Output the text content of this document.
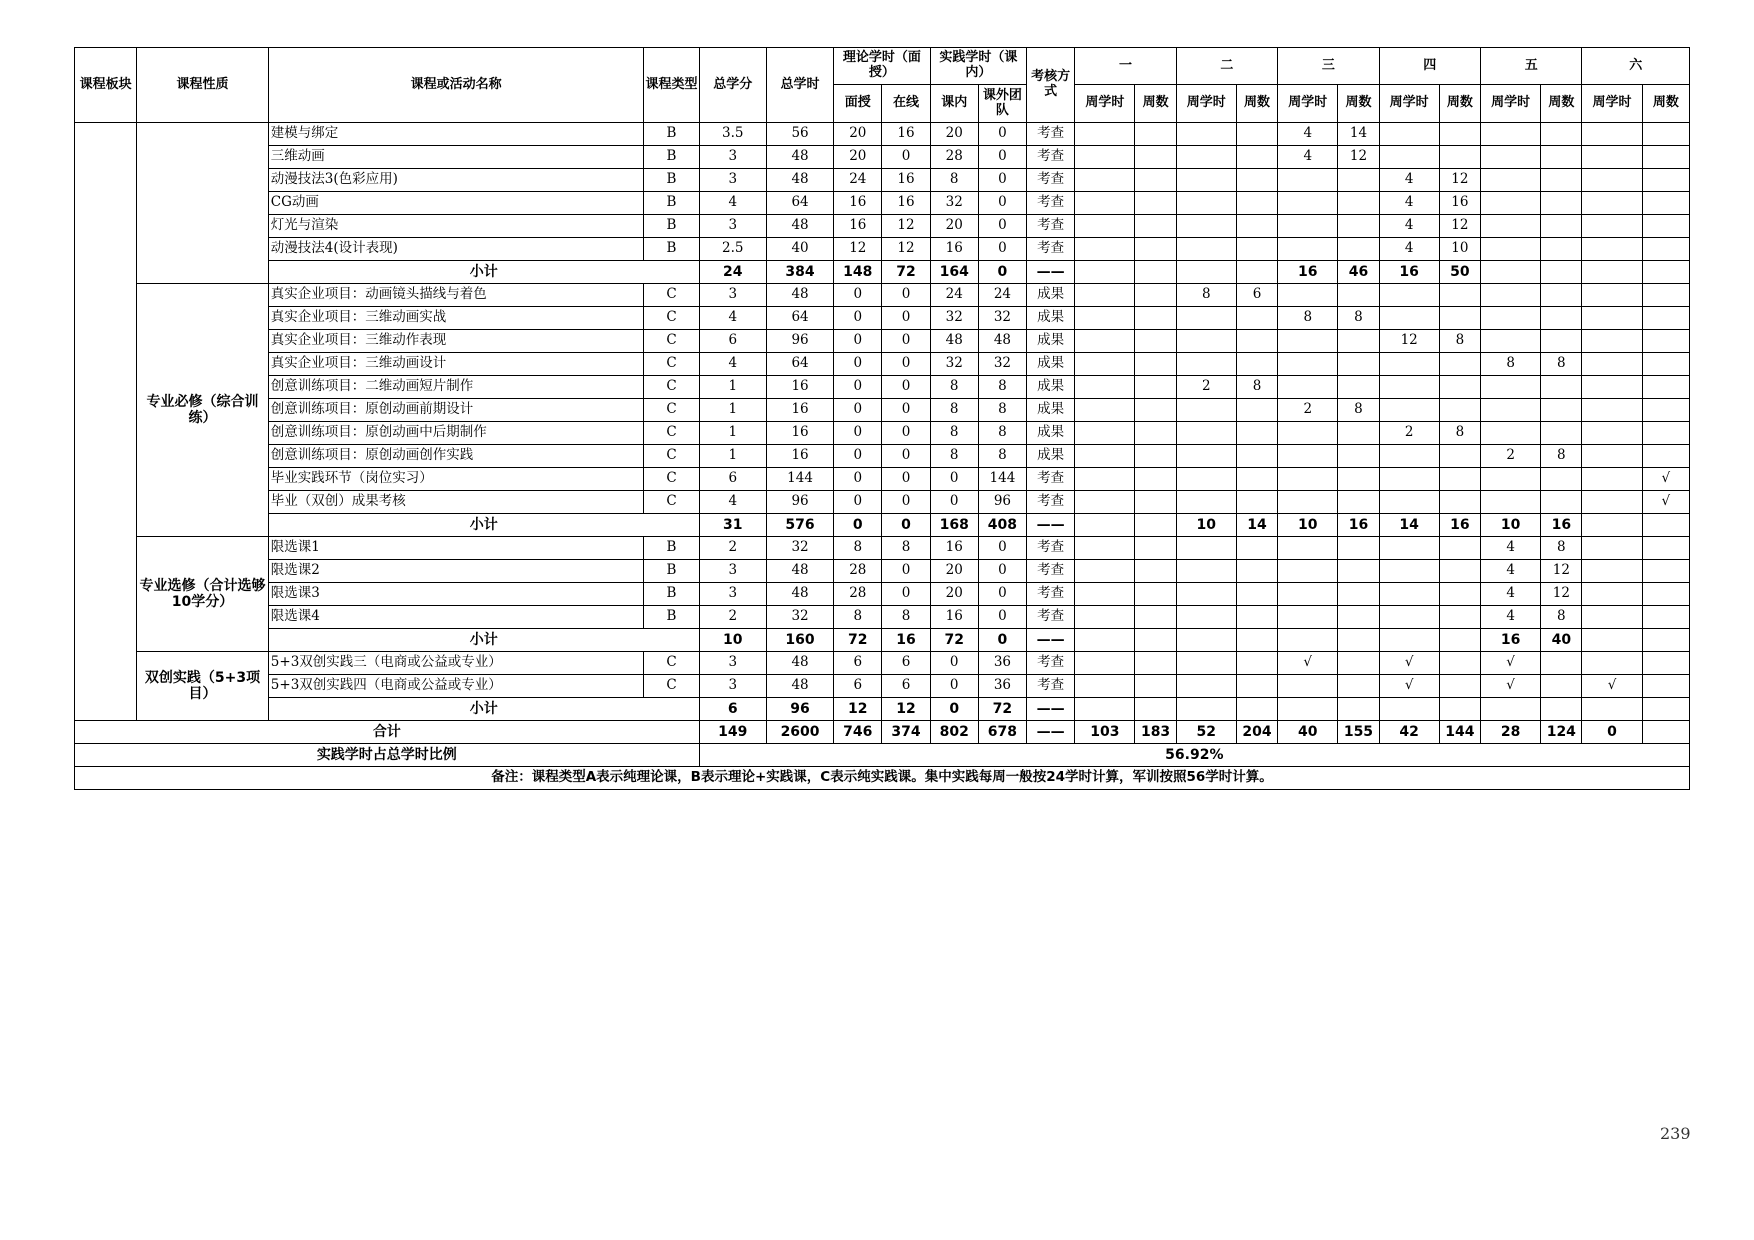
课程板块	课程性质	课程或活动名称	课程类型	总学分	总学时	理论学时（面授）		实践学时（课内）		考核方式	一		二		三		四		五		六	
						面授	在线	课内	课外团队		周学时	周数	周学时	周数	周学时	周数	周学时	周数	周学时	周数	周学时	周数
		建模与绑定	B	3.5	56	20	16	20	0	考查					4	14						
		三维动画	B	3	48	20	0	28	0	考查					4	12						
		动漫技法3(色彩应用)	B	3	48	24	16	8	0	考查							4	12				
		CG动画	B	4	64	16	16	32	0	考查							4	16				
		灯光与渲染	B	3	48	16	12	20	0	考查							4	12				
		动漫技法4(设计表现)	B	2.5	40	12	12	16	0	考查							4	10				
		小计		24	384	148	72	164	0	——					16	46	16	50				
	专业必修（综合训练）	真实企业项目：动画镜头描线与着色	C	3	48	0	0	24	24	成果			8	6								
		真实企业项目：三维动画实战	C	4	64	0	0	32	32	成果					8	8						
		真实企业项目：三维动作表现	C	6	96	0	0	48	48	成果							12	8				
		真实企业项目：三维动画设计	C	4	64	0	0	32	32	成果									8	8		
		创意训练项目：二维动画短片制作	C	1	16	0	0	8	8	成果			2	8								
		创意训练项目：原创动画前期设计	C	1	16	0	0	8	8	成果					2	8						
		创意训练项目：原创动画中后期制作	C	1	16	0	0	8	8	成果							2	8				
		创意训练项目：原创动画创作实践	C	1	16	0	0	8	8	成果									2	8		
		毕业实践环节（岗位实习）	C	6	144	0	0	0	144	考查												√
		毕业（双创）成果考核	C	4	96	0	0	0	96	考查												√
		小计		31	576	0	0	168	408	——			10	14	10	16	14	16	10	16		
	专业选修（合计选够10学分）	限选课1	B	2	32	8	8	16	0	考查									4	8		
		限选课2	B	3	48	28	0	20	0	考查									4	12		
		限选课3	B	3	48	28	0	20	0	考查									4	12		
		限选课4	B	2	32	8	8	16	0	考查									4	8		
		小计		10	160	72	16	72	0	——									16	40		
	双创实践（5+3项目）	5+3双创实践三（电商或公益或专业）	C	3	48	6	6	0	36	考查					√		√		√			
		5+3双创实践四（电商或公益或专业）	C	3	48	6	6	0	36	考查							√		√		√	
		小计		6	96	12	12	0	72	——												
合计				149	2600	746	374	802	678	——	103	183	52	204	40	155	42	144	28	124	0	
实践学时占总学时比例				56.92%																		
备注：课程类型A表示纯理论课，B表示理论+实践课，C表示纯实践课。集中实践每周一般按24学时计算，军训按照56学时计算。																						
239
